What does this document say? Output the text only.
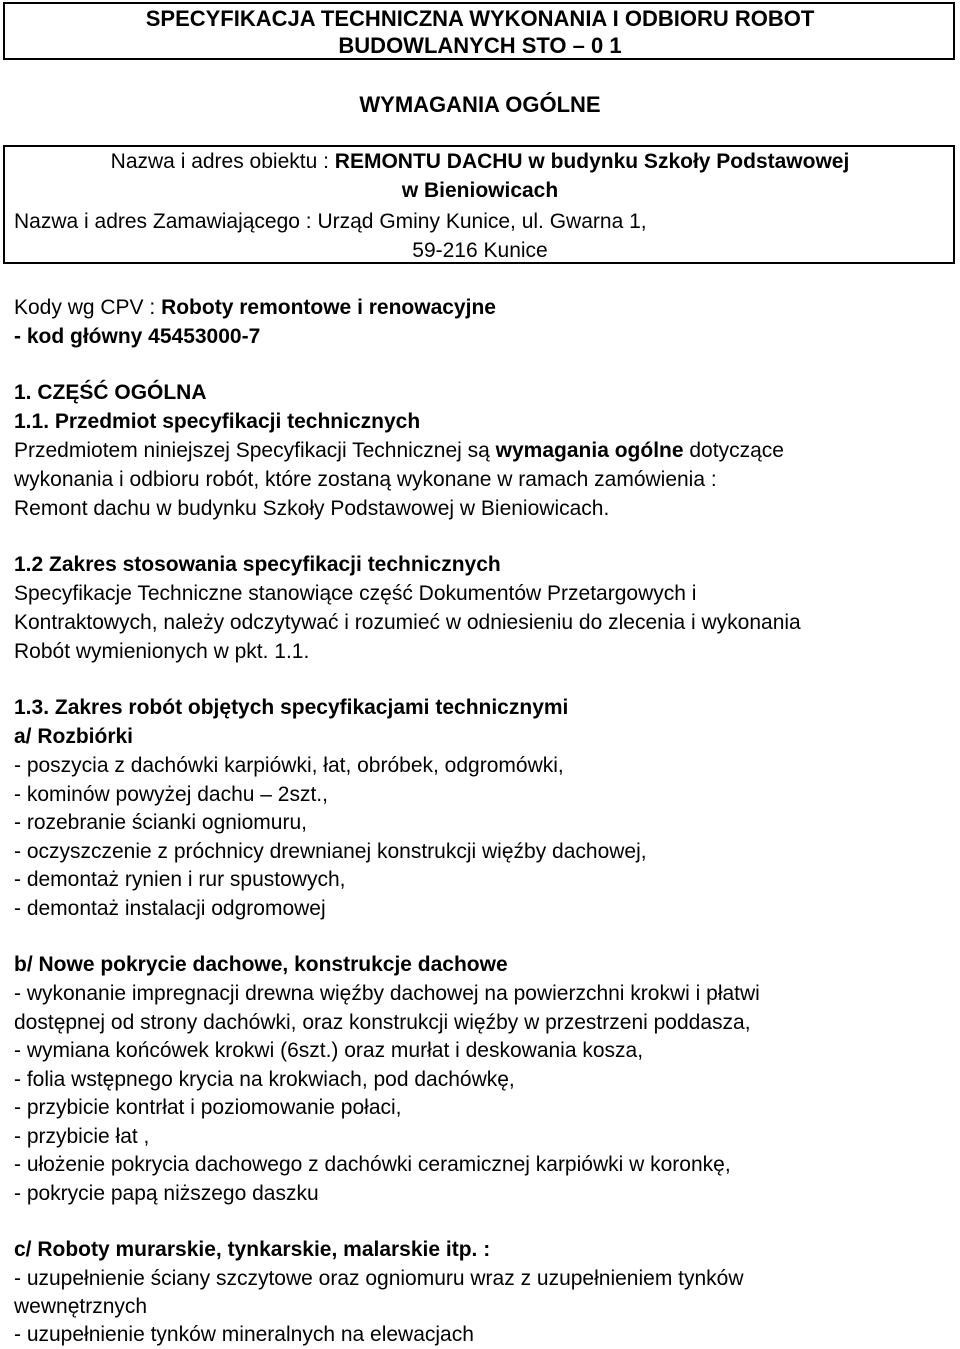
SPECYFIKACJA TECHNICZNA WYKONANIA I ODBIORU ROBOT
BUDOWLANYCH STO – 0 1
WYMAGANIA OGÓLNE
Nazwa i adres obiektu : REMONTU DACHU w budynku Szkoły Podstawowej
w Bieniowicach
Nazwa i adres Zamawiającego : Urząd Gminy Kunice, ul. Gwarna 1,
59-216 Kunice
Kody wg CPV : Roboty remontowe i renowacyjne
- kod główny 45453000-7
1. CZĘŚĆ OGÓLNA
1.1. Przedmiot specyfikacji technicznych
Przedmiotem niniejszej Specyfikacji Technicznej są wymagania ogólne dotyczące
wykonania i odbioru robót, które zostaną wykonane w ramach zamówienia :
Remont dachu w budynku Szkoły Podstawowej w Bieniowicach.
1.2 Zakres stosowania specyfikacji technicznych
Specyfikacje Techniczne stanowiące część Dokumentów Przetargowych i
Kontraktowych, należy odczytywać i rozumieć w odniesieniu do zlecenia i wykonania
Robót wymienionych w pkt. 1.1.
1.3. Zakres robót objętych specyfikacjami technicznymi
a/ Rozbiórki
- poszycia z dachówki karpiówki, łat, obróbek, odgromówki,
- kominów powyżej dachu – 2szt.,
- rozebranie ścianki ogniomuru,
- oczyszczenie z próchnicy drewnianej konstrukcji więźby dachowej,
- demontaż rynien i rur spustowych,
- demontaż instalacji odgromowej
b/ Nowe pokrycie dachowe, konstrukcje dachowe
- wykonanie impregnacji drewna więźby dachowej na powierzchni krokwi i płatwi
dostępnej od strony dachówki, oraz konstrukcji więźby w przestrzeni poddasza,
- wymiana końcówek krokwi (6szt.) oraz murłat i deskowania kosza,
- folia wstępnego krycia na krokwiach, pod dachówkę,
- przybicie kontrłat i poziomowanie połaci,
- przybicie łat ,
- ułożenie pokrycia dachowego z dachówki ceramicznej karpiówki w koronkę,
- pokrycie papą niższego daszku
c/ Roboty murarskie, tynkarskie, malarskie itp. :
- uzupełnienie ściany szczytowe oraz ogniomuru wraz z uzupełnieniem tynków
wewnętrznych
- uzupełnienie tynków mineralnych na elewacjach
